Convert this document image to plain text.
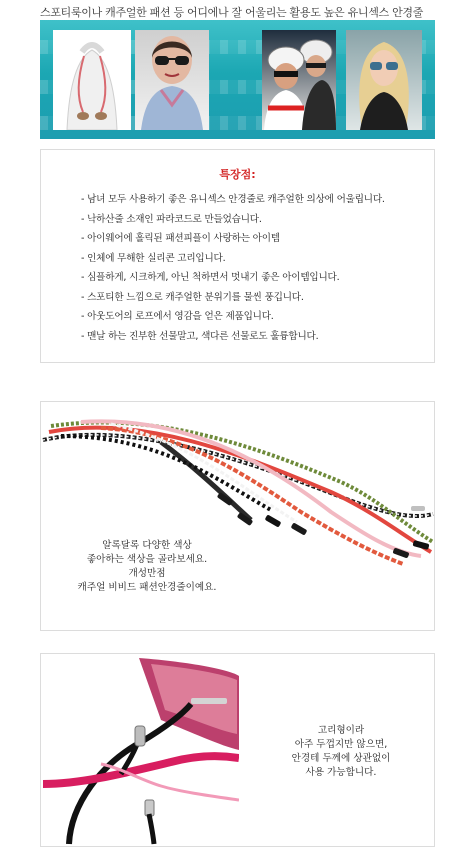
스포티룩이나 캐주얼한 패션 등 어디에나 잘 어울리는 활용도 높은 유니섹스 안경줄
특장점:
- 남녀 모두 사용하기 좋은 유니섹스 안경줄로 캐주얼한 의상에 어울립니다.
- 낙하산줄 소재인 파라코드로 만들었습니다.
- 아이웨어에 홀릭된 패션피플이 사랑하는 아이템
- 인체에 무해한 실리콘 고리입니다.
- 심플하게, 시크하게, 아닌 척하면서 멋내기 좋은 아이템입니다.
- 스포티한 느낌으로 캐주얼한 분위기를 물씬 풍깁니다.
- 아웃도어의 로프에서 영감을 얻은 제품입니다.
- 맨날 하는 진부한 선물말고, 색다른 선물로도 훌륭합니다.
알록달록 다양한 색상
좋아하는 색상을 골라보세요.
개성만점
캐주얼 비비드 패션안경줄이예요.
고리형이라
아주 두껍지만 않으면,
안경테 두께에 상관없이
사용 가능합니다.
